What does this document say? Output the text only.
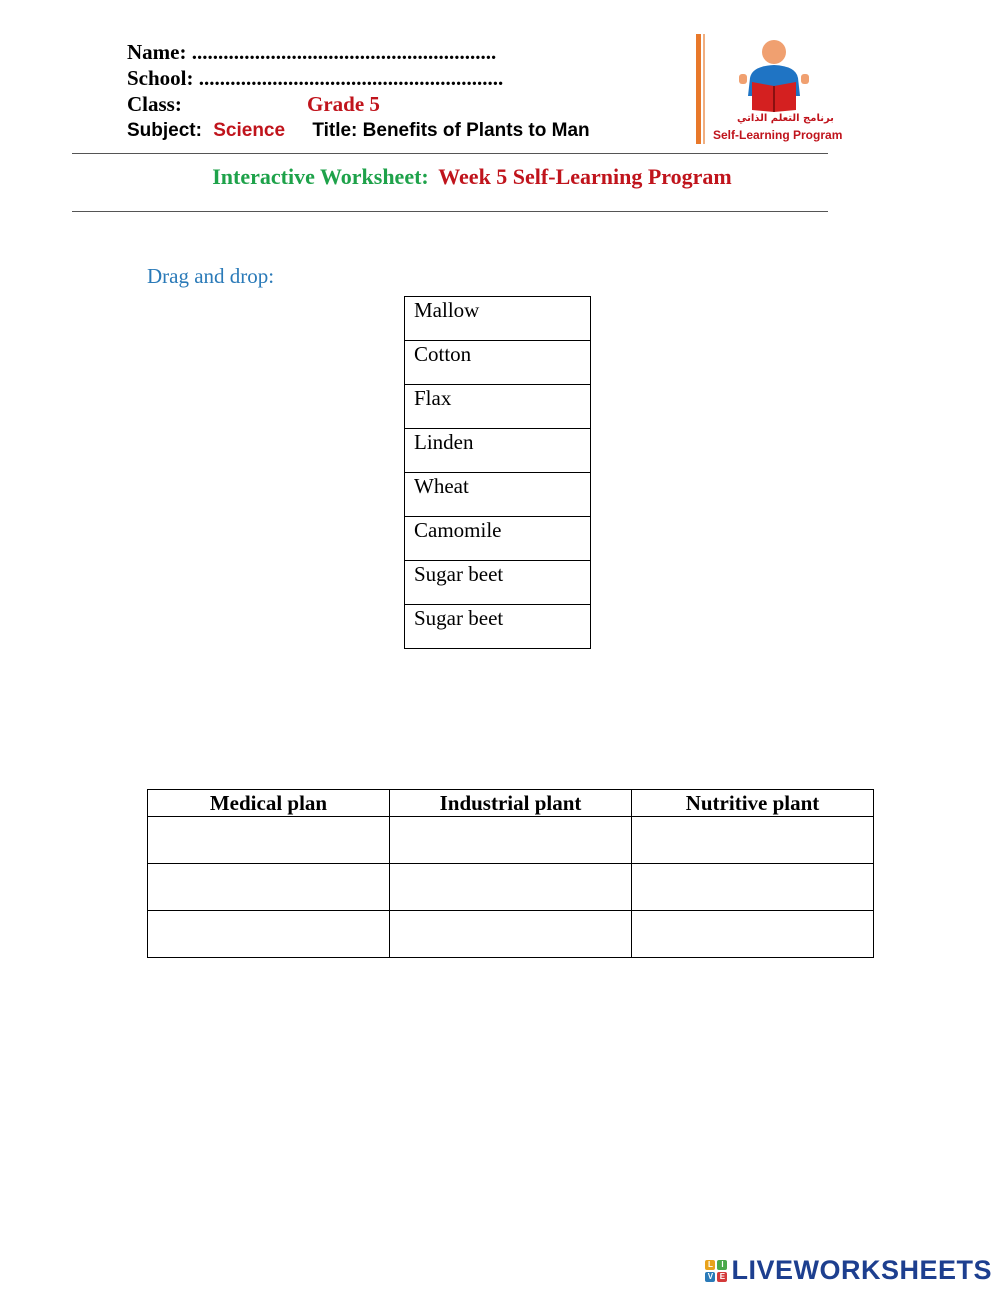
Name: ..........................................................
School: ..........................................................
Class:	Grade 5
Subject: Science Title: Benefits of Plants to Man
برنامج التعلم الذاتي
Self-Learning Program
Interactive Worksheet: Week 5 Self-Learning Program
Drag and drop:
Mallow
Cotton
Flax
Linden
Wheat
Camomile
Sugar beet
Sugar beet
Medical plan	Industrial plant	Nutritive plant

L	I
V E LIVEWORKSHEETS
